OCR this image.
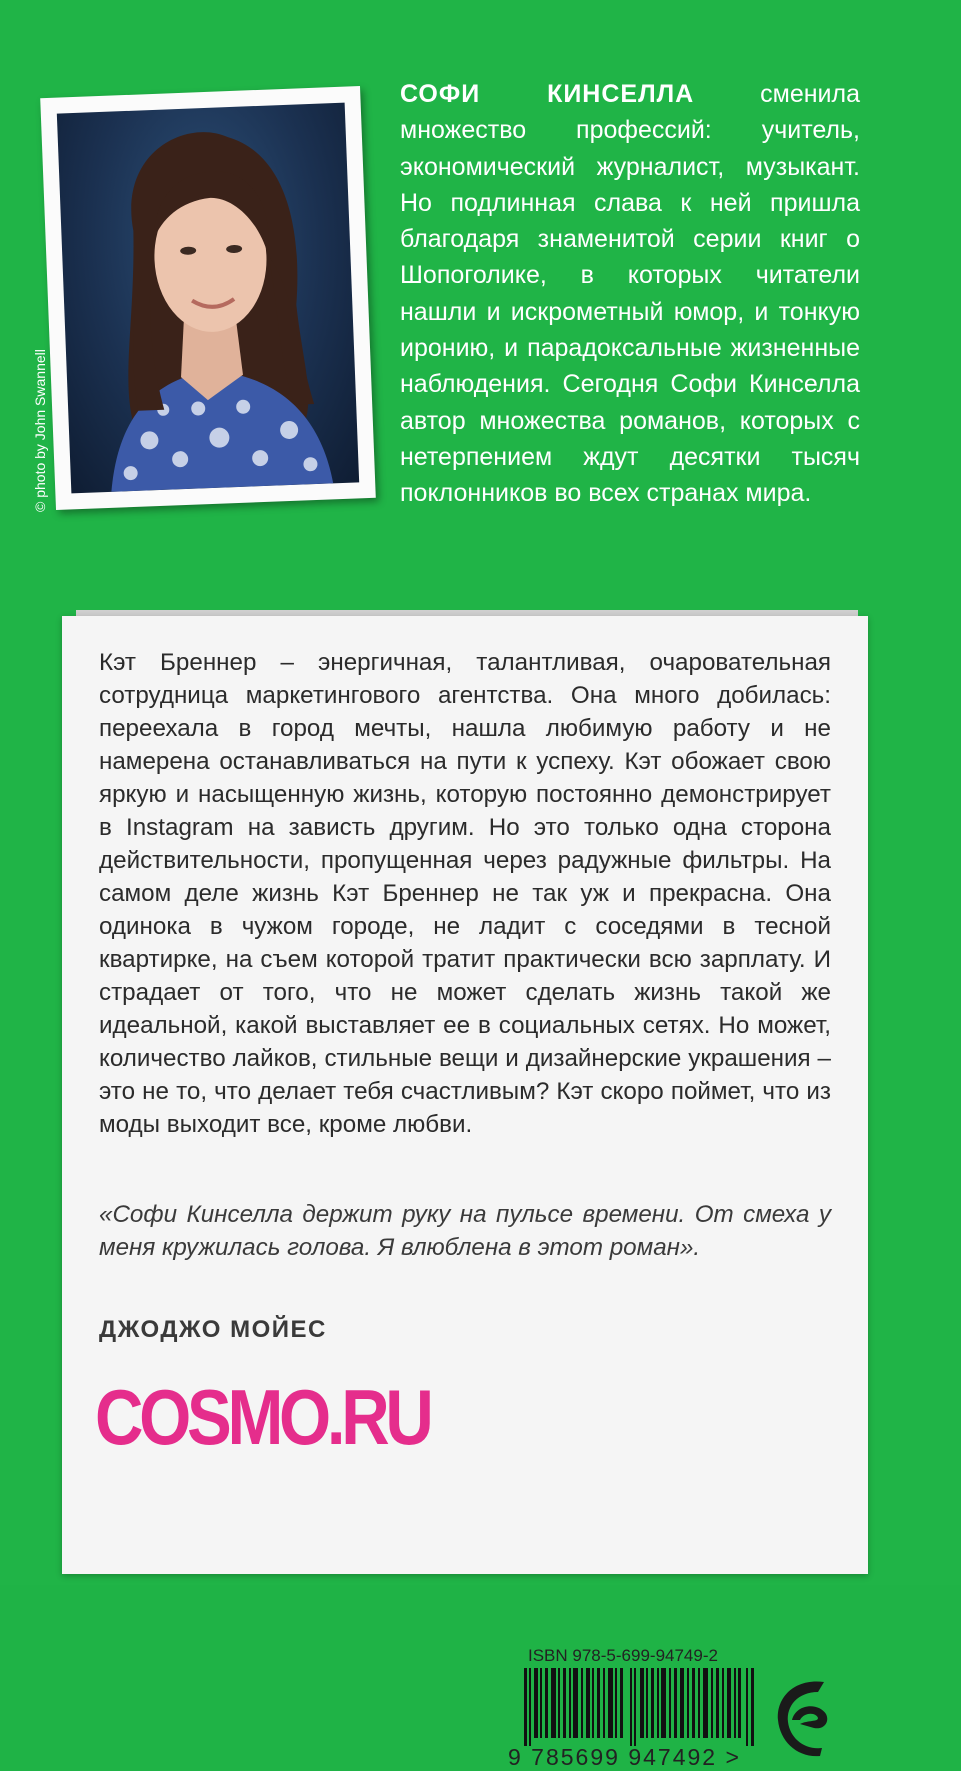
© photo by John Swannell
СОФИ КИНСЕЛЛА	сменила множество профессий: учитель, экономический журналист, музыкант. Но подлинная слава к ней пришла благодаря знаменитой серии книг о Шопоголике, в которых читатели нашли и искрометный юмор, и тонкую иронию, и парадоксальные жизненные наблюдения. Сегодня Софи Кинселла автор множества романов, которых с нетерпением ждут десятки тысяч поклонников во всех странах мира.

Кэт Бреннер – энергичная, талантливая, очаровательная сотрудница маркетингового агентства. Она много добилась: переехала в город мечты, нашла любимую работу и не намерена останавливаться на пути к успеху. Кэт обожает свою яркую и насыщенную жизнь, которую постоянно демонстрирует в Instagram на зависть другим. Но это только одна сторона действительности, пропущенная через радужные фильтры. На самом деле жизнь Кэт Бреннер не так уж и прекрасна. Она одинока в чужом городе, не ладит с соседями в тесной квартирке, на съем которой тратит практически всю зарплату. И страдает от того, что не может сделать жизнь такой же идеальной, какой выставляет ее в социальных сетях. Но может, количество лайков, стильные вещи и дизайнерские украшения – это не то, что делает тебя счастливым? Кэт скоро поймет, что из моды выходит все, кроме любви.

«Софи Кинселла держит руку на пульсе времени. От смеха у меня кружилась голова. Я влюблена в этот роман».

ДЖОДЖО МОЙЕС
COSMO.RU
ISBN 978-5-699-94749-2
9 785699 947492 >
